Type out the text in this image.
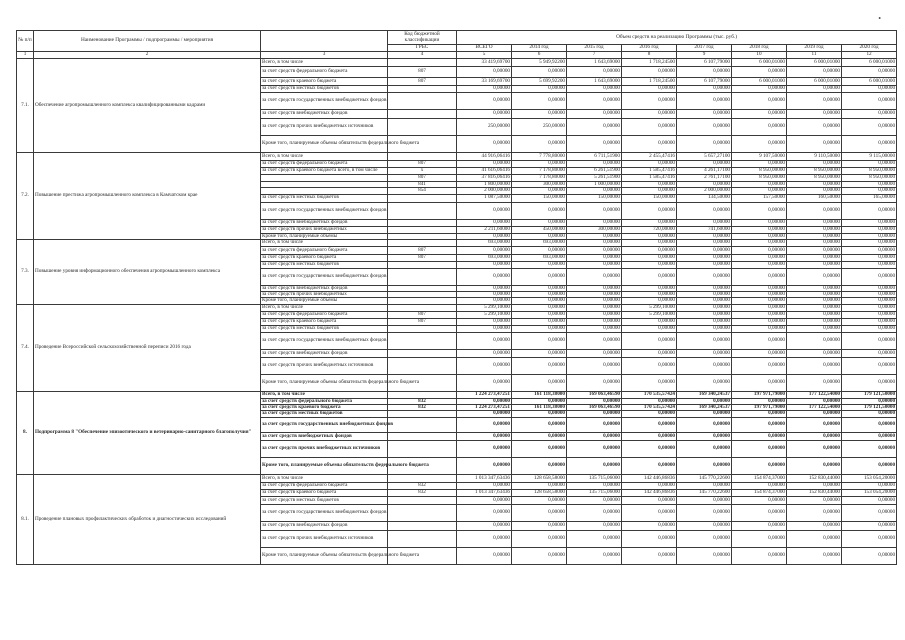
•
№ п/п	Наименование Программы / подпрограммы / мероприятия		Код бюджетной классификации	Объем средств на реализацию Программы (тыс. руб.)							
			ГРБС	ВСЕГО	2014 год	2015 год	2016 год	2017 год	2018 год	2019 год	2020 год
1	2	3	4	5	6	7	8	9	10	11	12
7.1.	Обеспечение агропромышленного комплекса квалифицированными кадрами	Всего, в том числе		33 419,69700	5 949,92200	1 643,69000	1 718,24500	6 107,79000	6 000,01000	6 000,01000	6 000,01000
		за счет средств федерального бюджета	807	0,00000	0,00000	0,00000	0,00000	0,00000	0,00000	0,00000	0,00000
		за счет средств краевого бюджета	807	33 169,69700	5 699,92200	1 643,69000	1 718,24500	6 107,79000	6 000,01000	6 000,01000	6 000,01000
		за счет средств местных бюджетов		0,00000	0,00000	0,00000	0,00000	0,00000	0,00000	0,00000	0,00000
		за счет средств государственных внебюджетных фондов		0,00000	0,00000	0,00000	0,00000	0,00000	0,00000	0,00000	0,00000
		за счет средств внебюджетных фондов		0,00000	0,00000	0,00000	0,00000	0,00000	0,00000	0,00000	0,00000
		за счет средств прочих внебюджетных источников		250,00000	250,00000	0,00000	0,00000	0,00000	0,00000	0,00000	0,00000
		Кроме того, планируемые объемы обязательств федерального бюджета		0,00000	0,00000	0,00000	0,00000	0,00000	0,00000	0,00000	0,00000
7.2.	Повышение престижа агропромышленного комплекса в Камчатском крае	Всего, в том числе		44 916,06416	7 778,80000	6 711,51900	2 455,47416	5 657,27100	9 107,50000	9 110,50000	9 115,00000
		за счет средств федерального бюджета	807	0,00000	0,00000	0,00000	0,00000	0,00000	0,00000	0,00000	0,00000
		за счет средств краевого бюджета всего, в том числе	х	41 616,06416	7 178,80000	6 261,51900	1 585,47416	4 261,17100	8 950,00000	8 950,00000	8 950,00000
			807	37 816,06416	7 178,80000	5 261,51900	1 585,47416	2 761,17100	8 950,00000	8 950,00000	8 950,00000
			841	1 800,00000	300,00000	1 000,00000	0,00000	0,00000	0,00000	0,00000	0,00000
			854	2 000,00000	0,00000	0,00000	0,00000	2 000,00000	0,00000	0,00000	0,00000
		за счет средств местных бюджетов		1 087,50000	150,00000	150,00000	150,00000	134,50000	157,50000	160,50000	165,00000
		за счет средств государственных внебюджетных фондов		0,00000	0,00000	0,00000	0,00000	0,00000	0,00000	0,00000	0,00000
		за счет средств внебюджетных фондов		0,00000	0,00000	0,00000	0,00000	0,00000	0,00000	0,00000	0,00000
		за счет средств прочих внебюджетных		2 211,60000	450,00000	300,00000	720,00000	741,60000	0,00000	0,00000	0,00000
		Кроме того, планируемые объемы		0,00000	0,00000	0,00000	0,00000	0,00000	0,00000	0,00000	0,00000
7.3.	Повышение уровня информационного обеспечения агропромышленного комплекса	Всего, в том числе		693,00000	693,00000	0,00000	0,00000	0,00000	0,00000	0,00000	0,00000
		за счет средств федерального бюджета	807	0,00000	0,00000	0,00000	0,00000	0,00000	0,00000	0,00000	0,00000
		за счет средств краевого бюджета	807	693,00000	693,00000	0,00000	0,00000	0,00000	0,00000	0,00000	0,00000
		за счет средств местных бюджетов		0,00000	0,00000	0,00000	0,00000	0,00000	0,00000	0,00000	0,00000
		за счет средств государственных внебюджетных фондов		0,00000	0,00000	0,00000	0,00000	0,00000	0,00000	0,00000	0,00000
		за счет средств внебюджетных фондов		0,00000	0,00000	0,00000	0,00000	0,00000	0,00000	0,00000	0,00000
		за счет средств прочих внебюджетных		0,00000	0,00000	0,00000	0,00000	0,00000	0,00000	0,00000	0,00000
		Кроме того, планируемые объемы		0,00000	0,00000	0,00000	0,00000	0,00000	0,00000	0,00000	0,00000
7.4.	Проведение Всероссийской сельскохозяйственной переписи 2016 года	Всего, в том числе		5 299,10000	0,00000	0,00000	5 299,10000	0,00000	0,00000	0,00000	0,00000
		за счет средств федерального бюджета	807	5 299,10000	0,00000	0,00000	5 299,10000	0,00000	0,00000	0,00000	0,00000
		за счет средств краевого бюджета	807	0,00000	0,00000	0,00000	0,00000	0,00000	0,00000	0,00000	0,00000
		за счет средств местных бюджетов		0,00000	0,00000	0,00000	0,00000	0,00000	0,00000	0,00000	0,00000
		за счет средств государственных внебюджетных фондов		0,00000	0,00000	0,00000	0,00000	0,00000	0,00000	0,00000	0,00000
		за счет средств внебюджетных фондов		0,00000	0,00000	0,00000	0,00000	0,00000	0,00000	0,00000	0,00000
		за счет средств прочих внебюджетных источников		0,00000	0,00000	0,00000	0,00000	0,00000	0,00000	0,00000	0,00000
		Кроме того, планируемые объемы обязательств федерального бюджета		0,00000	0,00000	0,00000	0,00000	0,00000	0,00000	0,00000	0,00000
8.	Подпрограмма 8 "Обеспечение эпизоотического и ветеринарно-санитарного благополучия"	Всего, в том числе		1 224 273,47251	161 118,38000	169 063,46590	170 535,57424	169 340,24537	197 971,79000	177 122,54000	179 121,50000
		за счет средств федерального бюджета	832	0,00000	0,00000	0,00000	0,00000	0,00000	0,00000	0,00000	0,00000
		за счет средств краевого бюджета	832	1 224 273,47251	161 118,38000	169 063,46590	170 535,57424	169 340,24537	197 971,79000	177 122,54000	179 121,50000
		за счет средств местных бюджетов		0,00000	0,00000	0,00000	0,00000	0,00000	0,00000	0,00000	0,00000
		за счет средств государственных внебюджетных фондов		0,00000	0,00000	0,00000	0,00000	0,00000	0,00000	0,00000	0,00000
		за счет средств внебюджетных фондов		0,00000	0,00000	0,00000	0,00000	0,00000	0,00000	0,00000	0,00000
		за счет средств прочих внебюджетных источников		0,00000	0,00000	0,00000	0,00000	0,00000	0,00000	0,00000	0,00000
		Кроме того, планируемые объемы обязательств федерального бюджета		0,00000	0,00000	0,00000	0,00000	0,00000	0,00000	0,00000	0,00000
8.1.	Проведение плановых профилактических обработок и диагностических исследований	Всего, в том числе		1 013 347,63436	128 658,58000	135 715,06000	142 446,86836	145 770,22600	154 874,37000	152 830,44000	153 054,20000
		за счет средств федерального бюджета	832	0,00000	0,00000	0,00000	0,00000	0,00000	0,00000	0,00000	0,00000
		за счет средств краевого бюджета	832	1 013 347,63436	128 658,58000	135 715,06000	142 446,86836	145 770,22600	154 874,37000	152 830,44000	153 054,20000
		за счет средств местных бюджетов		0,00000	0,00000	0,00000	0,00000	0,00000	0,00000	0,00000	0,00000
		за счет средств государственных внебюджетных фондов		0,00000	0,00000	0,00000	0,00000	0,00000	0,00000	0,00000	0,00000
		за счет средств внебюджетных фондов		0,00000	0,00000	0,00000	0,00000	0,00000	0,00000	0,00000	0,00000
		за счет средств прочих внебюджетных источников		0,00000	0,00000	0,00000	0,00000	0,00000	0,00000	0,00000	0,00000
		Кроме того, планируемые объемы обязательств федерального бюджета		0,00000	0,00000	0,00000	0,00000	0,00000	0,00000	0,00000	0,00000
